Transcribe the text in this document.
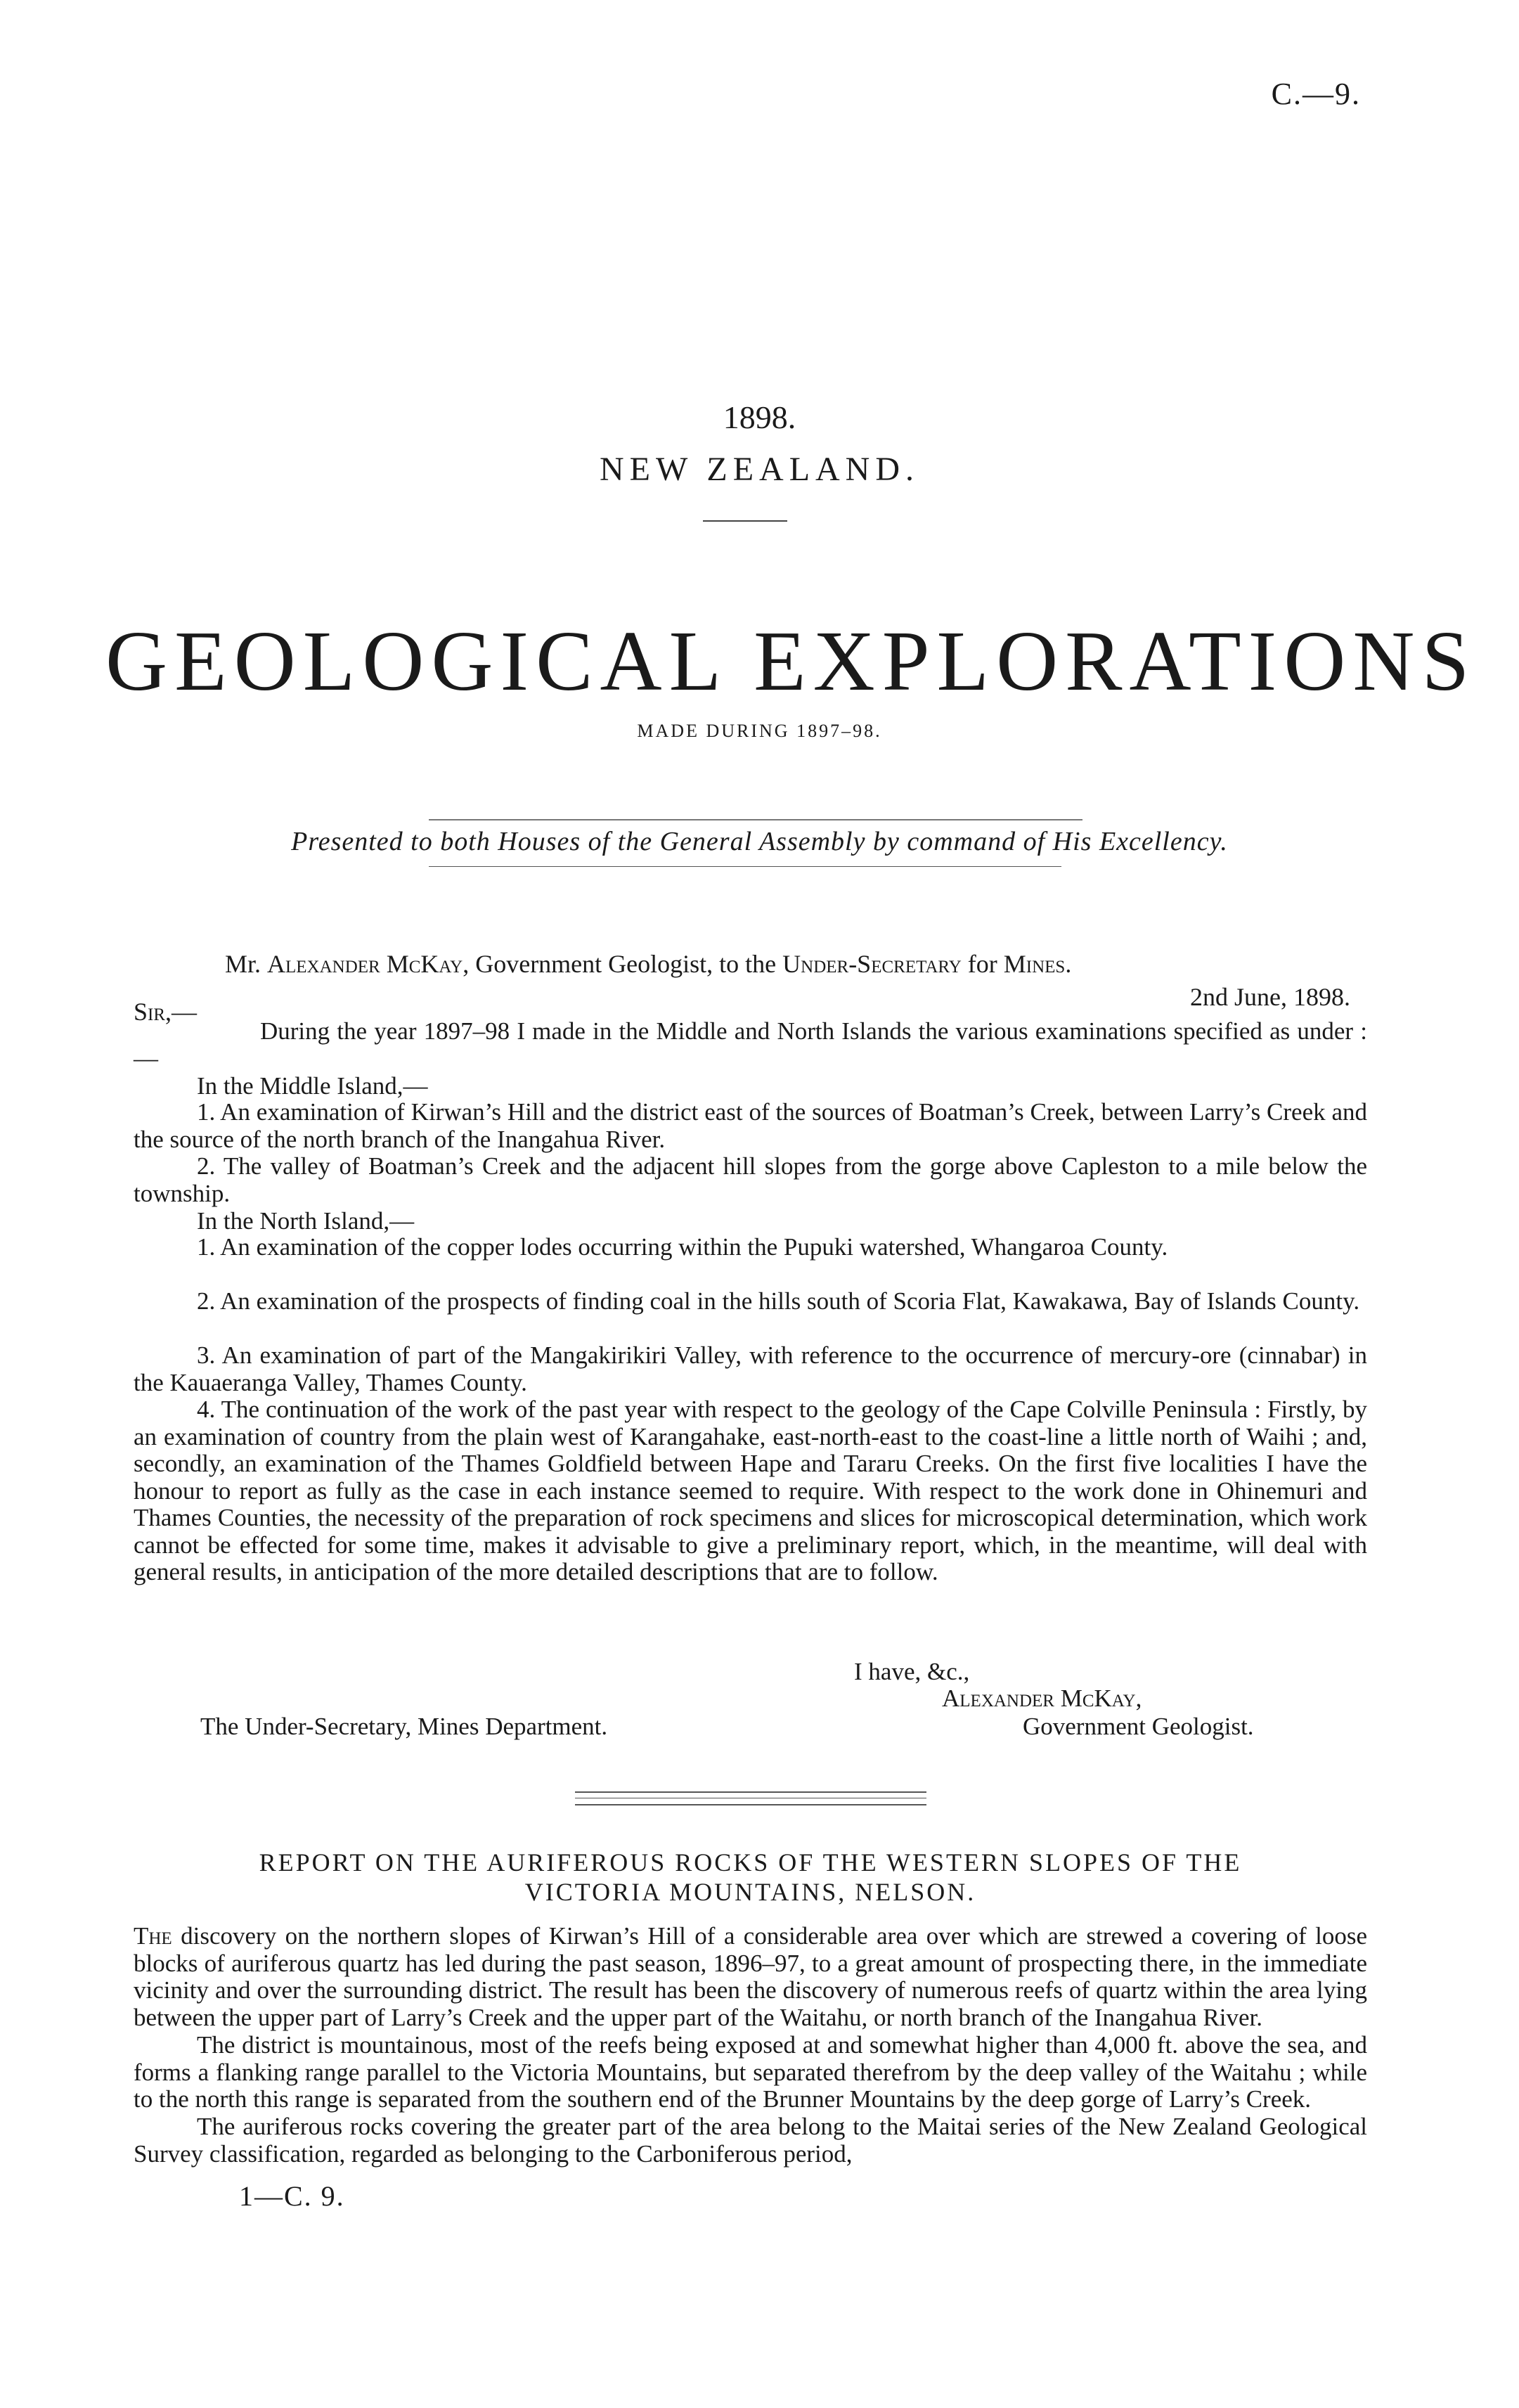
C.—9.
1898.
NEW ZEALAND.
GEOLOGICAL EXPLORATIONS
MADE DURING 1897–98.
Presented to both Houses of the General Assembly by command of His Excellency.
Mr. Alexander McKay, Government Geologist, to the Under-Secretary for Mines.
Sir,—
2nd June, 1898.
During the year 1897–98 I made in the Middle and North Islands the various examinations specified as under :—
In the Middle Island,—
1. An examination of Kirwan’s Hill and the district east of the sources of Boatman’s Creek, between Larry’s Creek and the source of the north branch of the Inangahua River.
2. The valley of Boatman’s Creek and the adjacent hill slopes from the gorge above Capleston to a mile below the township.
In the North Island,—
1. An examination of the copper lodes occurring within the Pupuki watershed, Whangaroa County.
2. An examination of the prospects of finding coal in the hills south of Scoria Flat, Kawakawa, Bay of Islands County.
3. An examination of part of the Mangakirikiri Valley, with reference to the occurrence of mercury-ore (cinnabar) in the Kauaeranga Valley, Thames County.
4. The continuation of the work of the past year with respect to the geology of the Cape Colville Peninsula : Firstly, by an examination of country from the plain west of Karangahake, east-north-east to the coast-line a little north of Waihi ; and, secondly, an examination of the Thames Goldfield between Hape and Tararu Creeks. On the first five localities I have the honour to report as fully as the case in each instance seemed to require. With respect to the work done in Ohinemuri and Thames Counties, the necessity of the preparation of rock specimens and slices for microscopical determination, which work cannot be effected for some time, makes it advisable to give a preliminary report, which, in the meantime, will deal with general results, in anticipation of the more detailed descriptions that are to follow.
I have, &c.,
Alexander McKay,
Government Geologist.
The Under-Secretary, Mines Department.
REPORT ON THE AURIFEROUS ROCKS OF THE WESTERN SLOPES OF THE
VICTORIA MOUNTAINS, NELSON.
The discovery on the northern slopes of Kirwan’s Hill of a considerable area over which are strewed a covering of loose blocks of auriferous quartz has led during the past season, 1896–97, to a great amount of prospecting there, in the immediate vicinity and over the surrounding district. The result has been the discovery of numerous reefs of quartz within the area lying between the upper part of Larry’s Creek and the upper part of the Waitahu, or north branch of the Inangahua River.
The district is mountainous, most of the reefs being exposed at and somewhat higher than 4,000 ft. above the sea, and forms a flanking range parallel to the Victoria Mountains, but separated therefrom by the deep valley of the Waitahu ; while to the north this range is separated from the southern end of the Brunner Mountains by the deep gorge of Larry’s Creek.
The auriferous rocks covering the greater part of the area belong to the Maitai series of the New Zealand Geological Survey classification, regarded as belonging to the Carboniferous period,
1—C. 9.
